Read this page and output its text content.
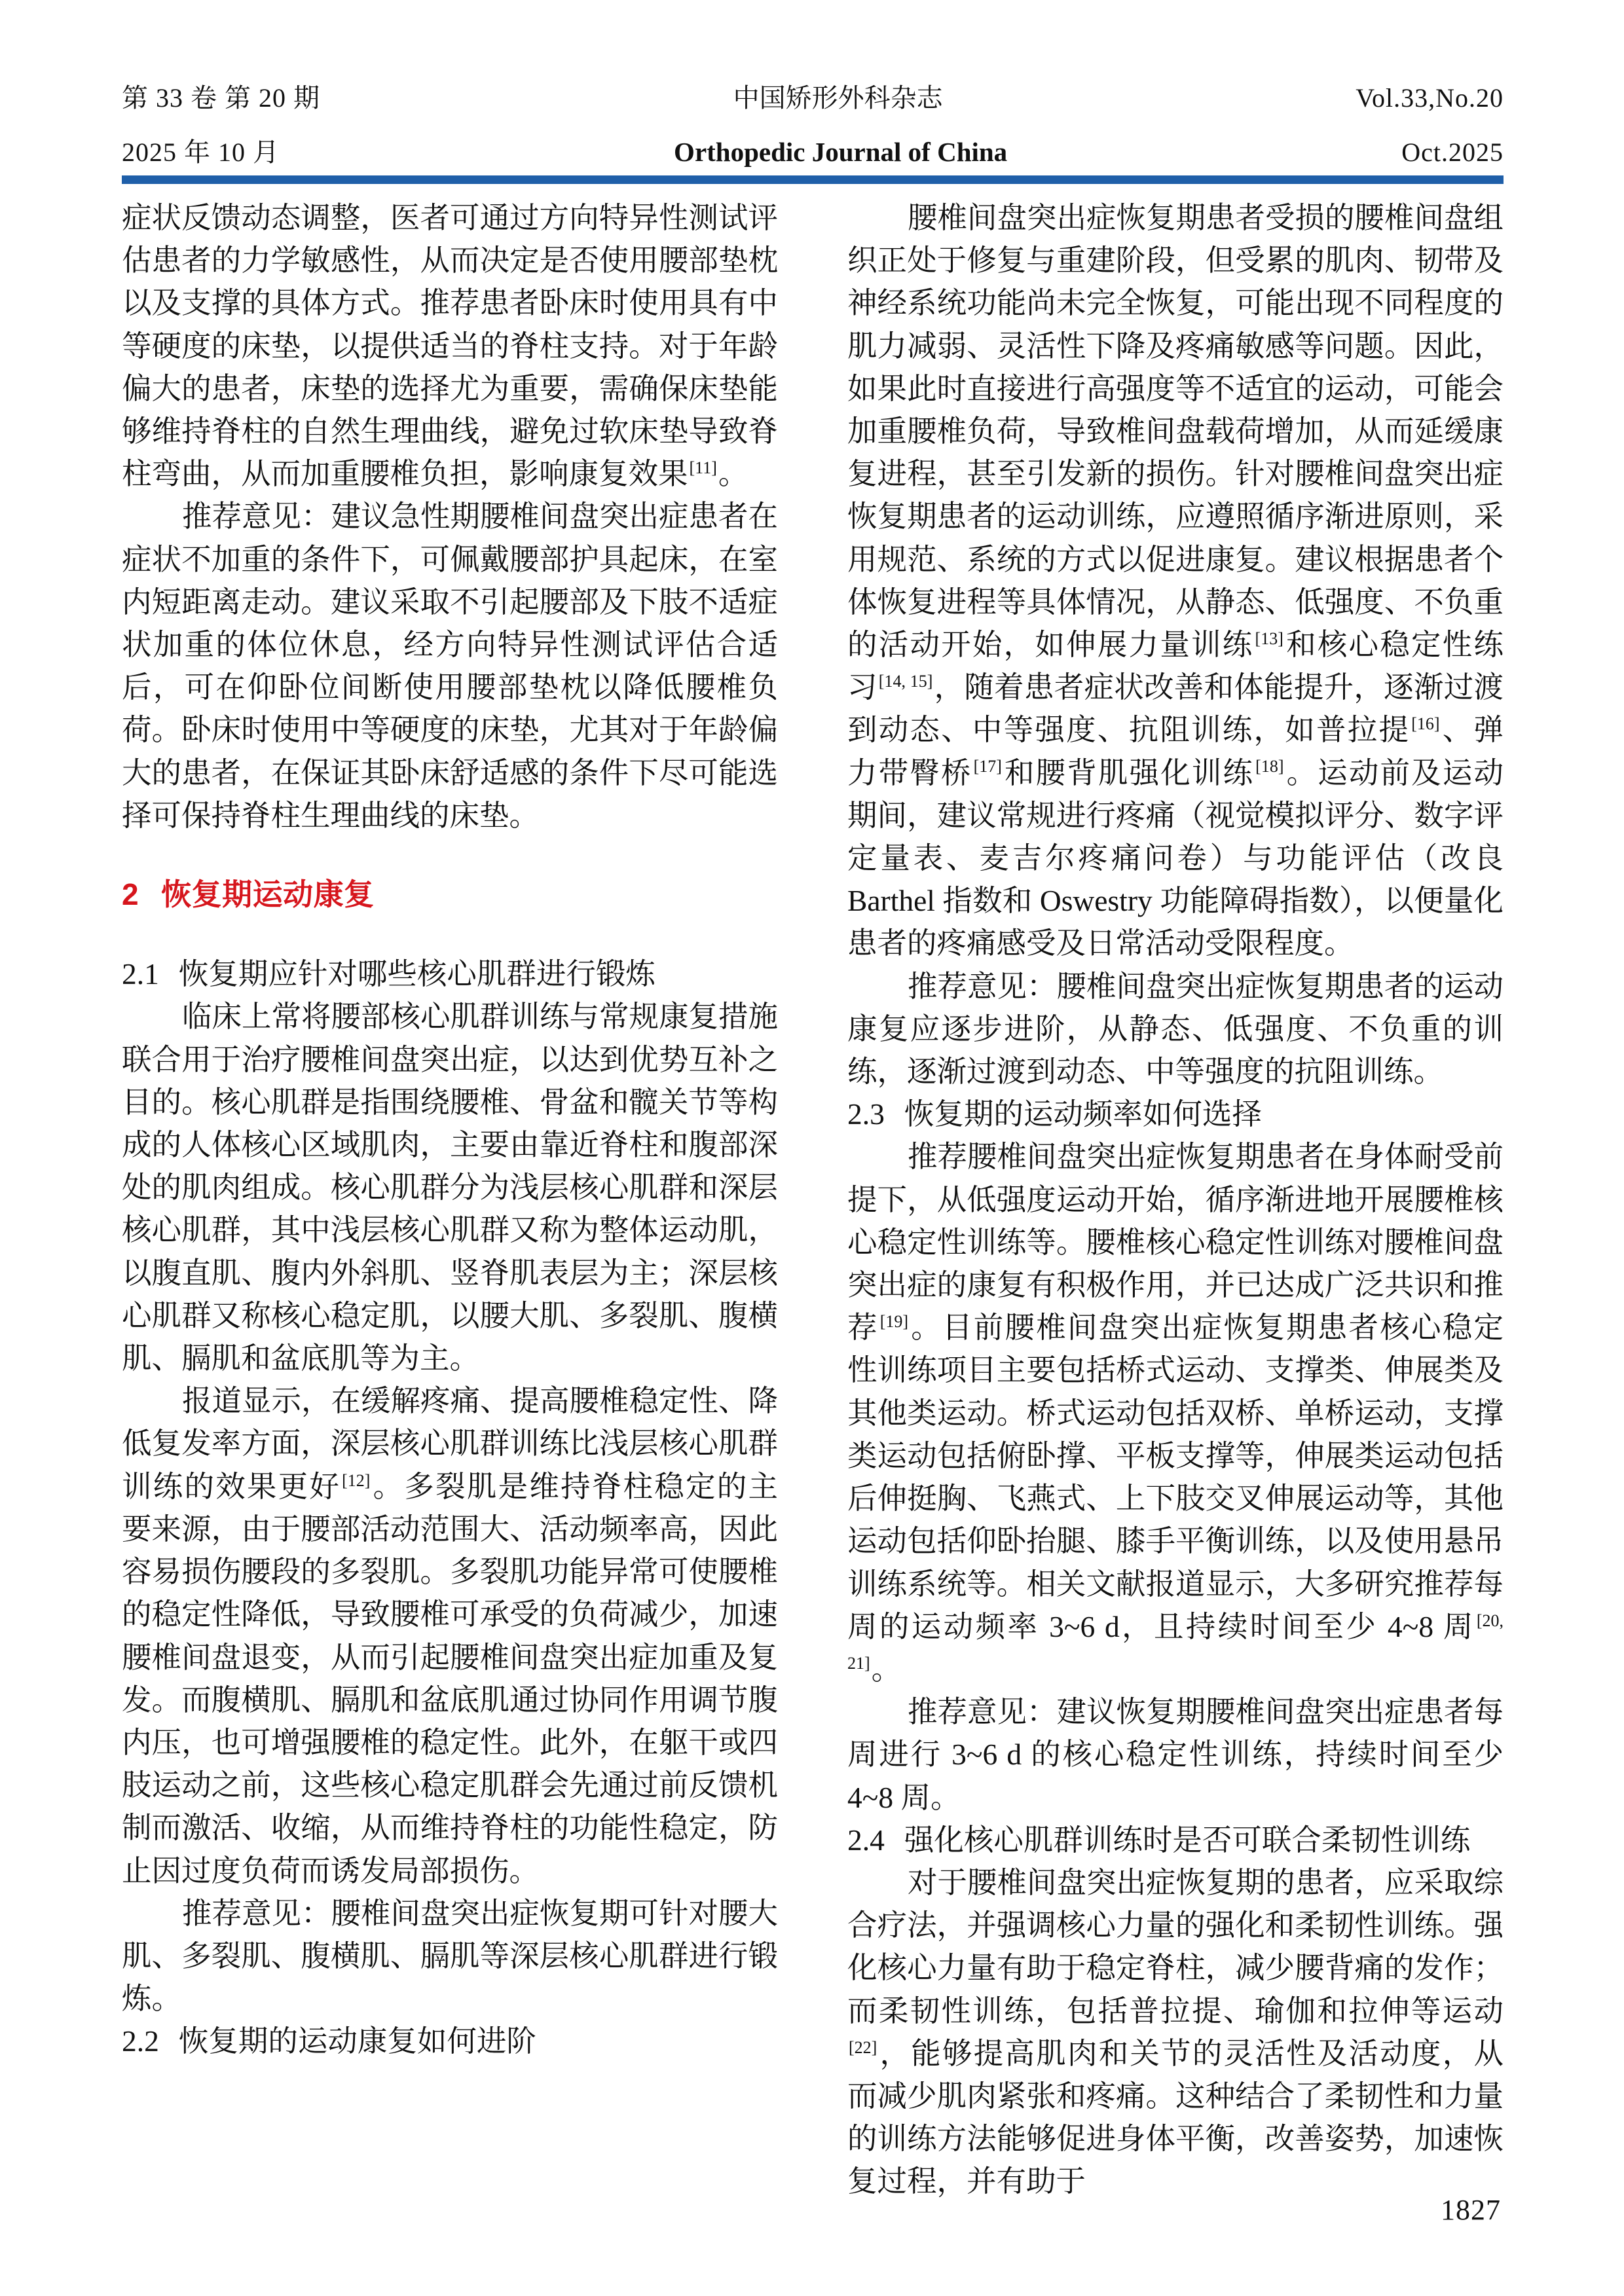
第 33 卷 第 20 期	中国矫形外科杂志	Vol.33,No.20
2025 年 10 月	Orthopedic Journal of China	Oct.2025

症状反馈动态调整，医者可通过方向特异性测试评估患者的力学敏感性，从而决定是否使用腰部垫枕以及支撑的具体方式。推荐患者卧床时使用具有中等硬度的床垫，以提供适当的脊柱支持。对于年龄偏大的患者，床垫的选择尤为重要，需确保床垫能够维持脊柱的自然生理曲线，避免过软床垫导致脊柱弯曲，从而加重腰椎负担，影响康复效果[11]。

推荐意见：建议急性期腰椎间盘突出症患者在症状不加重的条件下，可佩戴腰部护具起床，在室内短距离走动。建议采取不引起腰部及下肢不适症状加重的体位休息，经方向特异性测试评估合适后，可在仰卧位间断使用腰部垫枕以降低腰椎负荷。卧床时使用中等硬度的床垫，尤其对于年龄偏大的患者，在保证其卧床舒适感的条件下尽可能选择可保持脊柱生理曲线的床垫。

2 恢复期运动康复
2.1 恢复期应针对哪些核心肌群进行锻炼

临床上常将腰部核心肌群训练与常规康复措施联合用于治疗腰椎间盘突出症，以达到优势互补之目的。核心肌群是指围绕腰椎、骨盆和髋关节等构成的人体核心区域肌肉，主要由靠近脊柱和腹部深处的肌肉组成。核心肌群分为浅层核心肌群和深层核心肌群，其中浅层核心肌群又称为整体运动肌，以腹直肌、腹内外斜肌、竖脊肌表层为主；深层核心肌群又称核心稳定肌，以腰大肌、多裂肌、腹横肌、膈肌和盆底肌等为主。

报道显示，在缓解疼痛、提高腰椎稳定性、降低复发率方面，深层核心肌群训练比浅层核心肌群训练的效果更好[12]。多裂肌是维持脊柱稳定的主要来源，由于腰部活动范围大、活动频率高，因此容易损伤腰段的多裂肌。多裂肌功能异常可使腰椎的稳定性降低，导致腰椎可承受的负荷减少，加速腰椎间盘退变，从而引起腰椎间盘突出症加重及复发。而腹横肌、膈肌和盆底肌通过协同作用调节腹内压，也可增强腰椎的稳定性。此外，在躯干或四肢运动之前，这些核心稳定肌群会先通过前反馈机制而激活、收缩，从而维持脊柱的功能性稳定，防止因过度负荷而诱发局部损伤。

推荐意见：腰椎间盘突出症恢复期可针对腰大肌、多裂肌、腹横肌、膈肌等深层核心肌群进行锻炼。

2.2 恢复期的运动康复如何进阶

腰椎间盘突出症恢复期患者受损的腰椎间盘组织正处于修复与重建阶段，但受累的肌肉、韧带及神经系统功能尚未完全恢复，可能出现不同程度的肌力减弱、灵活性下降及疼痛敏感等问题。因此，如果此时直接进行高强度等不适宜的运动，可能会加重腰椎负荷，导致椎间盘载荷增加，从而延缓康复进程，甚至引发新的损伤。针对腰椎间盘突出症恢复期患者的运动训练，应遵照循序渐进原则，采用规范、系统的方式以促进康复。建议根据患者个体恢复进程等具体情况，从静态、低强度、不负重的活动开始，如伸展力量训练[13]和核心稳定性练习[14, 15]，随着患者症状改善和体能提升，逐渐过渡到动态、中等强度、抗阻训练，如普拉提[16]、弹力带臀桥[17]和腰背肌强化训练[18]。运动前及运动期间，建议常规进行疼痛（视觉模拟评分、数字评定量表、麦吉尔疼痛问卷）与功能评估（改良 Barthel 指数和 Oswestry 功能障碍指数），以便量化患者的疼痛感受及日常活动受限程度。

推荐意见：腰椎间盘突出症恢复期患者的运动康复应逐步进阶，从静态、低强度、不负重的训练，逐渐过渡到动态、中等强度的抗阻训练。

2.3 恢复期的运动频率如何选择

推荐腰椎间盘突出症恢复期患者在身体耐受前提下，从低强度运动开始，循序渐进地开展腰椎核心稳定性训练等。腰椎核心稳定性训练对腰椎间盘突出症的康复有积极作用，并已达成广泛共识和推荐[19]。目前腰椎间盘突出症恢复期患者核心稳定性训练项目主要包括桥式运动、支撑类、伸展类及其他类运动。桥式运动包括双桥、单桥运动，支撑类运动包括俯卧撑、平板支撑等，伸展类运动包括后伸挺胸、飞燕式、上下肢交叉伸展运动等，其他运动包括仰卧抬腿、膝手平衡训练，以及使用悬吊训练系统等。相关文献报道显示，大多研究推荐每周的运动频率 3~6 d，且持续时间至少 4~8 周[20, 21]。

推荐意见：建议恢复期腰椎间盘突出症患者每周进行 3~6 d 的核心稳定性训练，持续时间至少 4~8 周。

2.4 强化核心肌群训练时是否可联合柔韧性训练

对于腰椎间盘突出症恢复期的患者，应采取综合疗法，并强调核心力量的强化和柔韧性训练。强化核心力量有助于稳定脊柱，减少腰背痛的发作；而柔韧性训练，包括普拉提、瑜伽和拉伸等运动[22]，能够提高肌肉和关节的灵活性及活动度，从而减少肌肉紧张和疼痛。这种结合了柔韧性和力量的训练方法能够促进身体平衡，改善姿势，加速恢复过程，并有助于

1827
